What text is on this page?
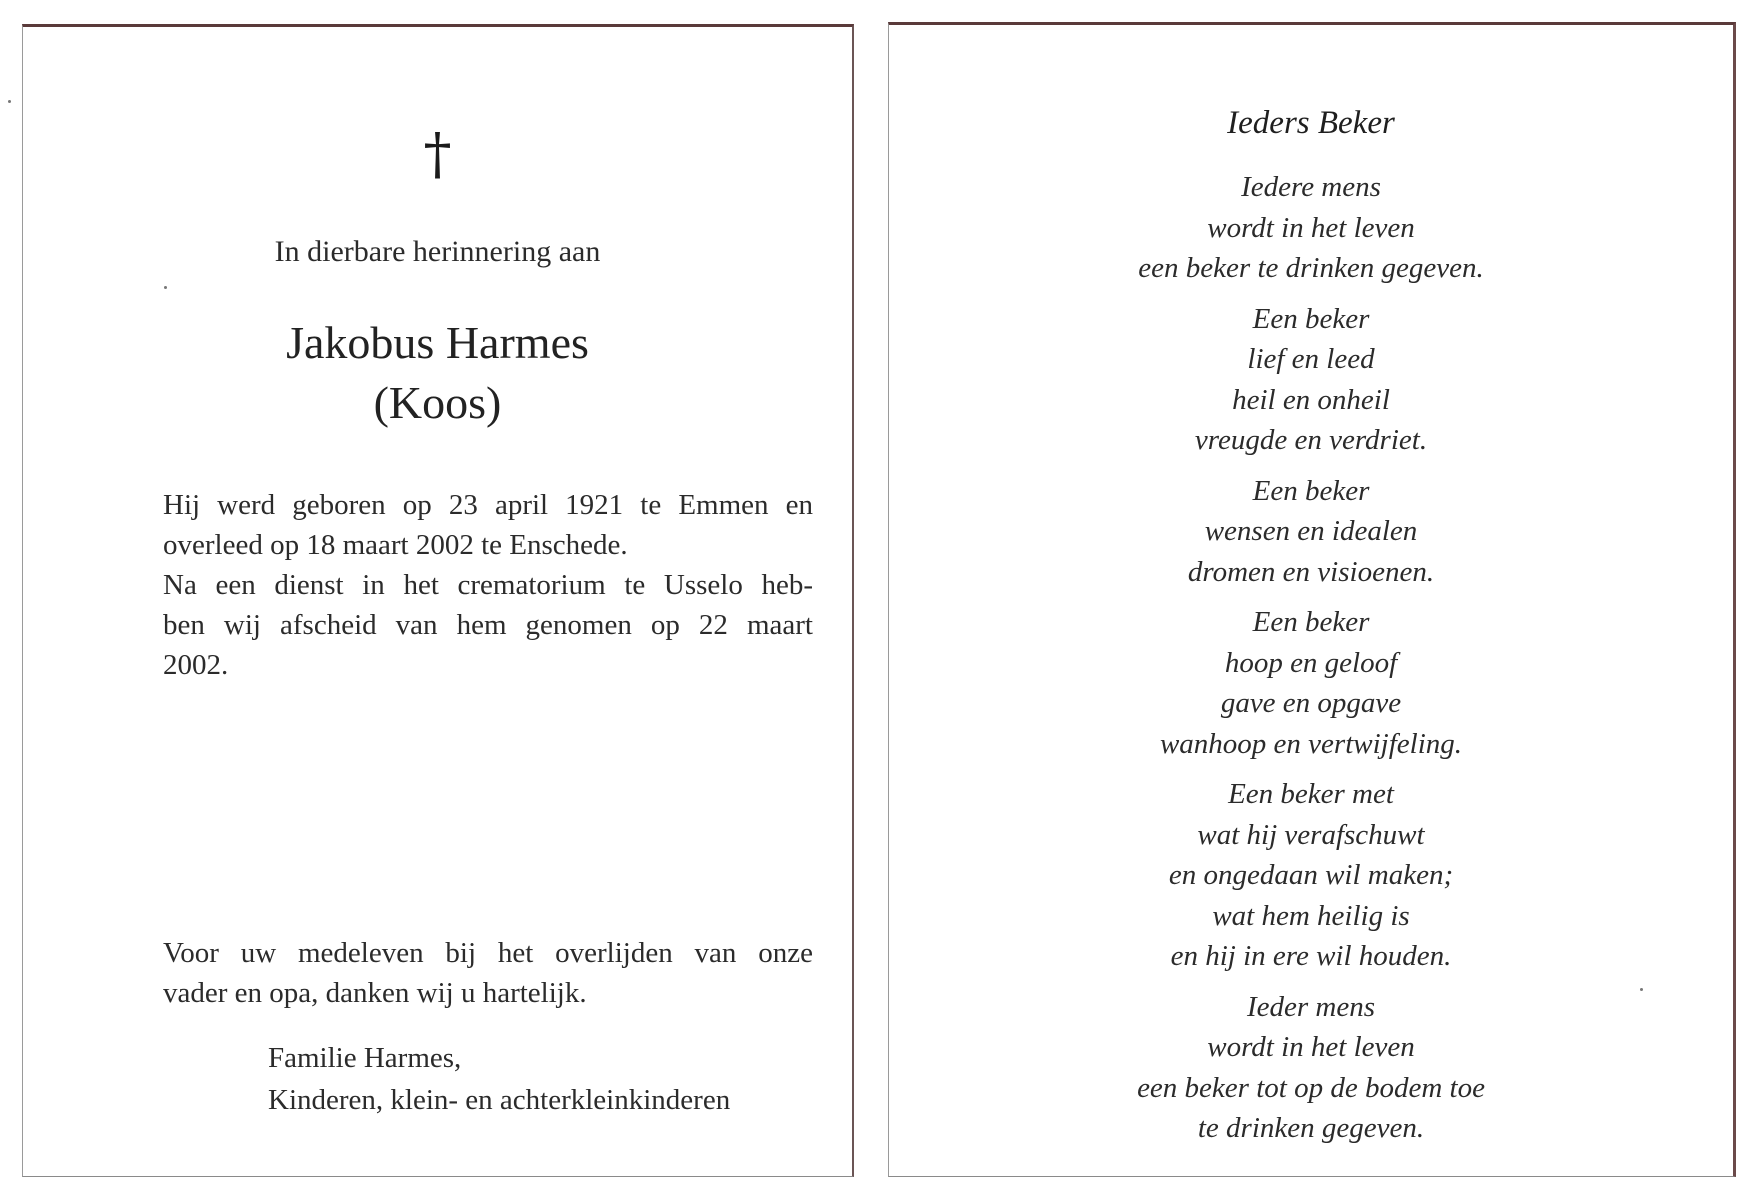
†
In dierbare herinnering aan
Jakobus Harmes
(Koos)
Hij werd geboren op 23 april 1921 te Emmen en
overleed op 18 maart 2002 te Enschede.
Na een dienst in het crematorium te Usselo heb-
ben wij afscheid van hem genomen op 22 maart
2002.
Voor uw medeleven bij het overlijden van onze
vader en opa, danken wij u hartelijk.
Familie Harmes,
Kinderen, klein- en achterkleinkinderen
Ieders Beker
Iedere mens
wordt in het leven
een beker te drinken gegeven.
Een beker
lief en leed
heil en onheil
vreugde en verdriet.
Een beker
wensen en idealen
dromen en visioenen.
Een beker
hoop en geloof
gave en opgave
wanhoop en vertwijfeling.
Een beker met
wat hij verafschuwt
en ongedaan wil maken;
wat hem heilig is
en hij in ere wil houden.
Ieder mens
wordt in het leven
een beker tot op de bodem toe
te drinken gegeven.
